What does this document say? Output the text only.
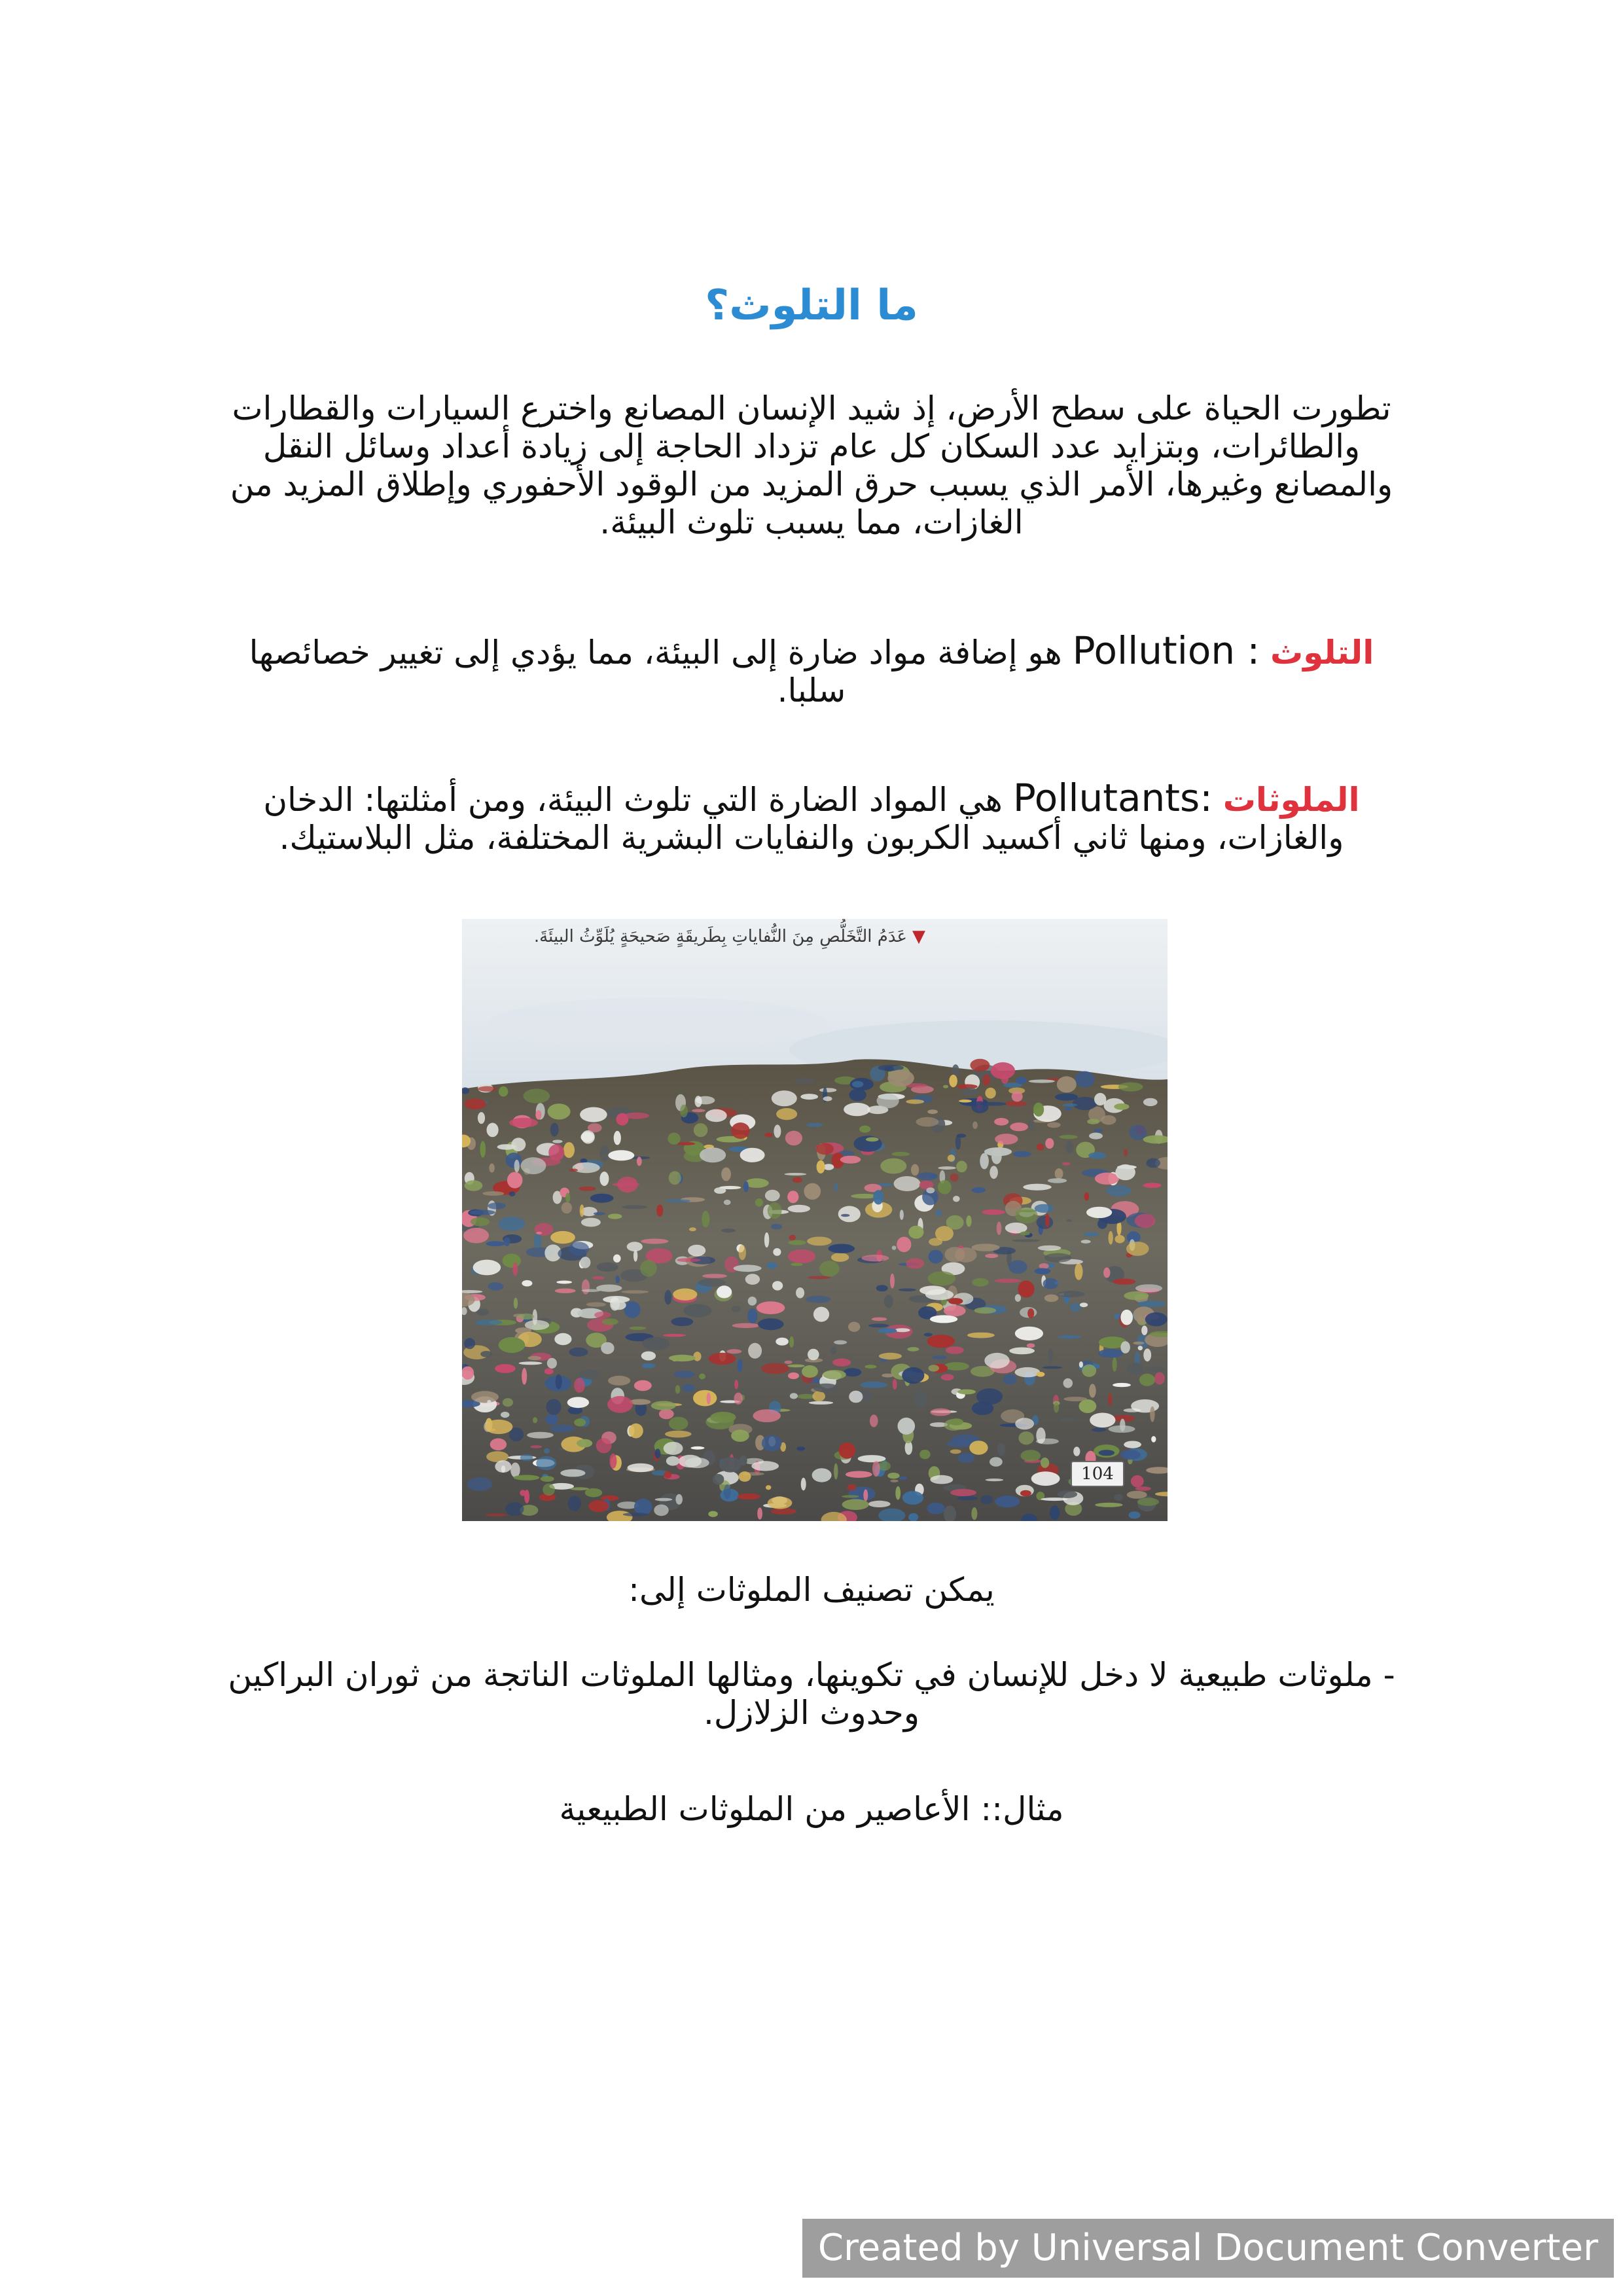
ما التلوث؟
تطورت الحياة على سطح الأرض، إذ شيد الإنسان المصانع واخترع السيارات والقطارات
والطائرات، وبتزايد عدد السكان كل عام تزداد الحاجة إلى زيادة أعداد وسائل النقل
والمصانع وغيرها، الأمر الذي يسبب حرق المزيد من الوقود الأحفوري وإطلاق المزيد من
الغازات، مما يسبب تلوث البيئة.
التلوث Pollution : هو إضافة مواد ضارة إلى البيئة، مما يؤدي إلى تغيير خصائصها
سلبا.
الملوثات Pollutants: هي المواد الضارة التي تلوث البيئة، ومن أمثلتها: الدخان
والغازات، ومنها ثاني أكسيد الكربون والنفايات البشرية المختلفة، مثل البلاستيك.
▼عَدَمُ التَّخَلُّصِ مِنَ النُّفاياتِ بِطَريقَةٍ صَحيحَةٍ يُلَوِّثُ البيئَةَ.
104
يمكن تصنيف الملوثات إلى:
- ملوثات طبيعية لا دخل للإنسان في تكوينها، ومثالها الملوثات الناتجة من ثوران البراكين
وحدوث الزلازل.
مثال:: الأعاصير من الملوثات الطبيعية
Created by Universal Document Converter
